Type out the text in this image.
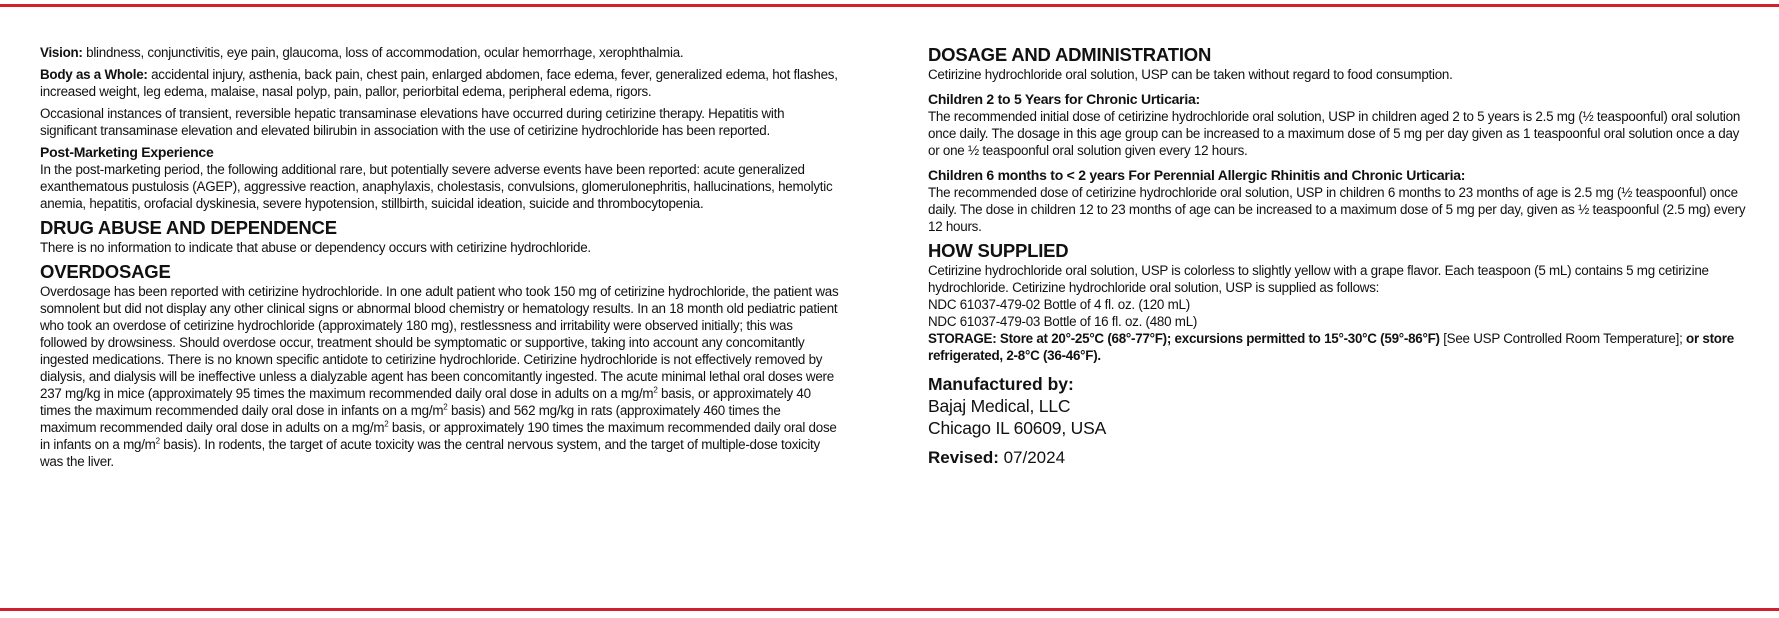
Vision: blindness, conjunctivitis, eye pain, glaucoma, loss of accommodation, ocular hemorrhage, xerophthalmia.

Body as a Whole: accidental injury, asthenia, back pain, chest pain, enlarged abdomen, face edema, fever, generalized edema, hot flashes, increased weight, leg edema, malaise, nasal polyp, pain, pallor, periorbital edema, peripheral edema, rigors.

Occasional instances of transient, reversible hepatic transaminase elevations have occurred during cetirizine therapy. Hepatitis with significant transaminase elevation and elevated bilirubin in association with the use of cetirizine hydrochloride has been reported.

Post-Marketing Experience

In the post-marketing period, the following additional rare, but potentially severe adverse events have been reported: acute generalized exanthematous pustulosis (AGEP), aggressive reaction, anaphylaxis, cholestasis, convulsions, glomerulonephritis, hallucinations, hemolytic anemia, hepatitis, orofacial dyskinesia, severe hypotension, stillbirth, suicidal ideation, suicide and thrombocytopenia.

DRUG ABUSE AND DEPENDENCE

There is no information to indicate that abuse or dependency occurs with cetirizine hydrochloride.

OVERDOSAGE

Overdosage has been reported with cetirizine hydrochloride. In one adult patient who took 150 mg of cetirizine hydrochloride, the patient was somnolent but did not display any other clinical signs or abnormal blood chemistry or hematology results. In an 18 month old pediatric patient who took an overdose of cetirizine hydrochloride (approximately 180 mg), restlessness and irritability were observed initially; this was followed by drowsiness. Should overdose occur, treatment should be symptomatic or supportive, taking into account any concomitantly ingested medications. There is no known specific antidote to cetirizine hydrochloride. Cetirizine hydrochloride is not effectively removed by dialysis, and dialysis will be ineffective unless a dialyzable agent has been concomitantly ingested. The acute minimal lethal oral doses were 237 mg/kg in mice (approximately 95 times the maximum recommended daily oral dose in adults on a $mg/m^2$ basis, or approximately 40 times the maximum recommended daily oral dose in infants on a $mg/m^2$ basis) and 562 mg/kg in rats (approximately 460 times the maximum recommended daily oral dose in adults on a $mg/m^2$ basis, or approximately 190 times the maximum recommended daily oral dose in infants on a $mg/m^2$ basis). In rodents, the target of acute toxicity was the central nervous system, and the target of multiple-dose toxicity was the liver.

DOSAGE AND ADMINISTRATION

Cetirizine hydrochloride oral solution, USP can be taken without regard to food consumption.

Children 2 to 5 Years for Chronic Urticaria:

The recommended initial dose of cetirizine hydrochloride oral solution, USP in children aged 2 to 5 years is 2.5 mg (½ teaspoonful) oral solution once daily. The dosage in this age group can be increased to a maximum dose of 5 mg per day given as 1 teaspoonful oral solution once a day or one ½ teaspoonful oral solution given every 12 hours.

Children 6 months to < 2 years For Perennial Allergic Rhinitis and Chronic Urticaria:

The recommended dose of cetirizine hydrochloride oral solution, USP in children 6 months to 23 months of age is 2.5 mg (½ teaspoonful) once daily. The dose in children 12 to 23 months of age can be increased to a maximum dose of 5 mg per day, given as ½ teaspoonful (2.5 mg) every 12 hours.

HOW SUPPLIED

Cetirizine hydrochloride oral solution, USP is colorless to slightly yellow with a grape flavor. Each teaspoon (5 mL) contains 5 mg cetirizine hydrochloride. Cetirizine hydrochloride oral solution, USP is supplied as follows:

NDC 61037-479-02 Bottle of 4 fl. oz. (120 mL)

NDC 61037-479-03 Bottle of 16 fl. oz. (480 mL)

STORAGE: Store at 20°-25°C (68°-77°F); excursions permitted to 15°-30°C (59°-86°F) [See USP Controlled Room Temperature]; or store refrigerated, 2-8°C (36-46°F).

Manufactured by:

Bajaj Medical, LLC

Chicago IL 60609, USA

Revised: 07/2024
